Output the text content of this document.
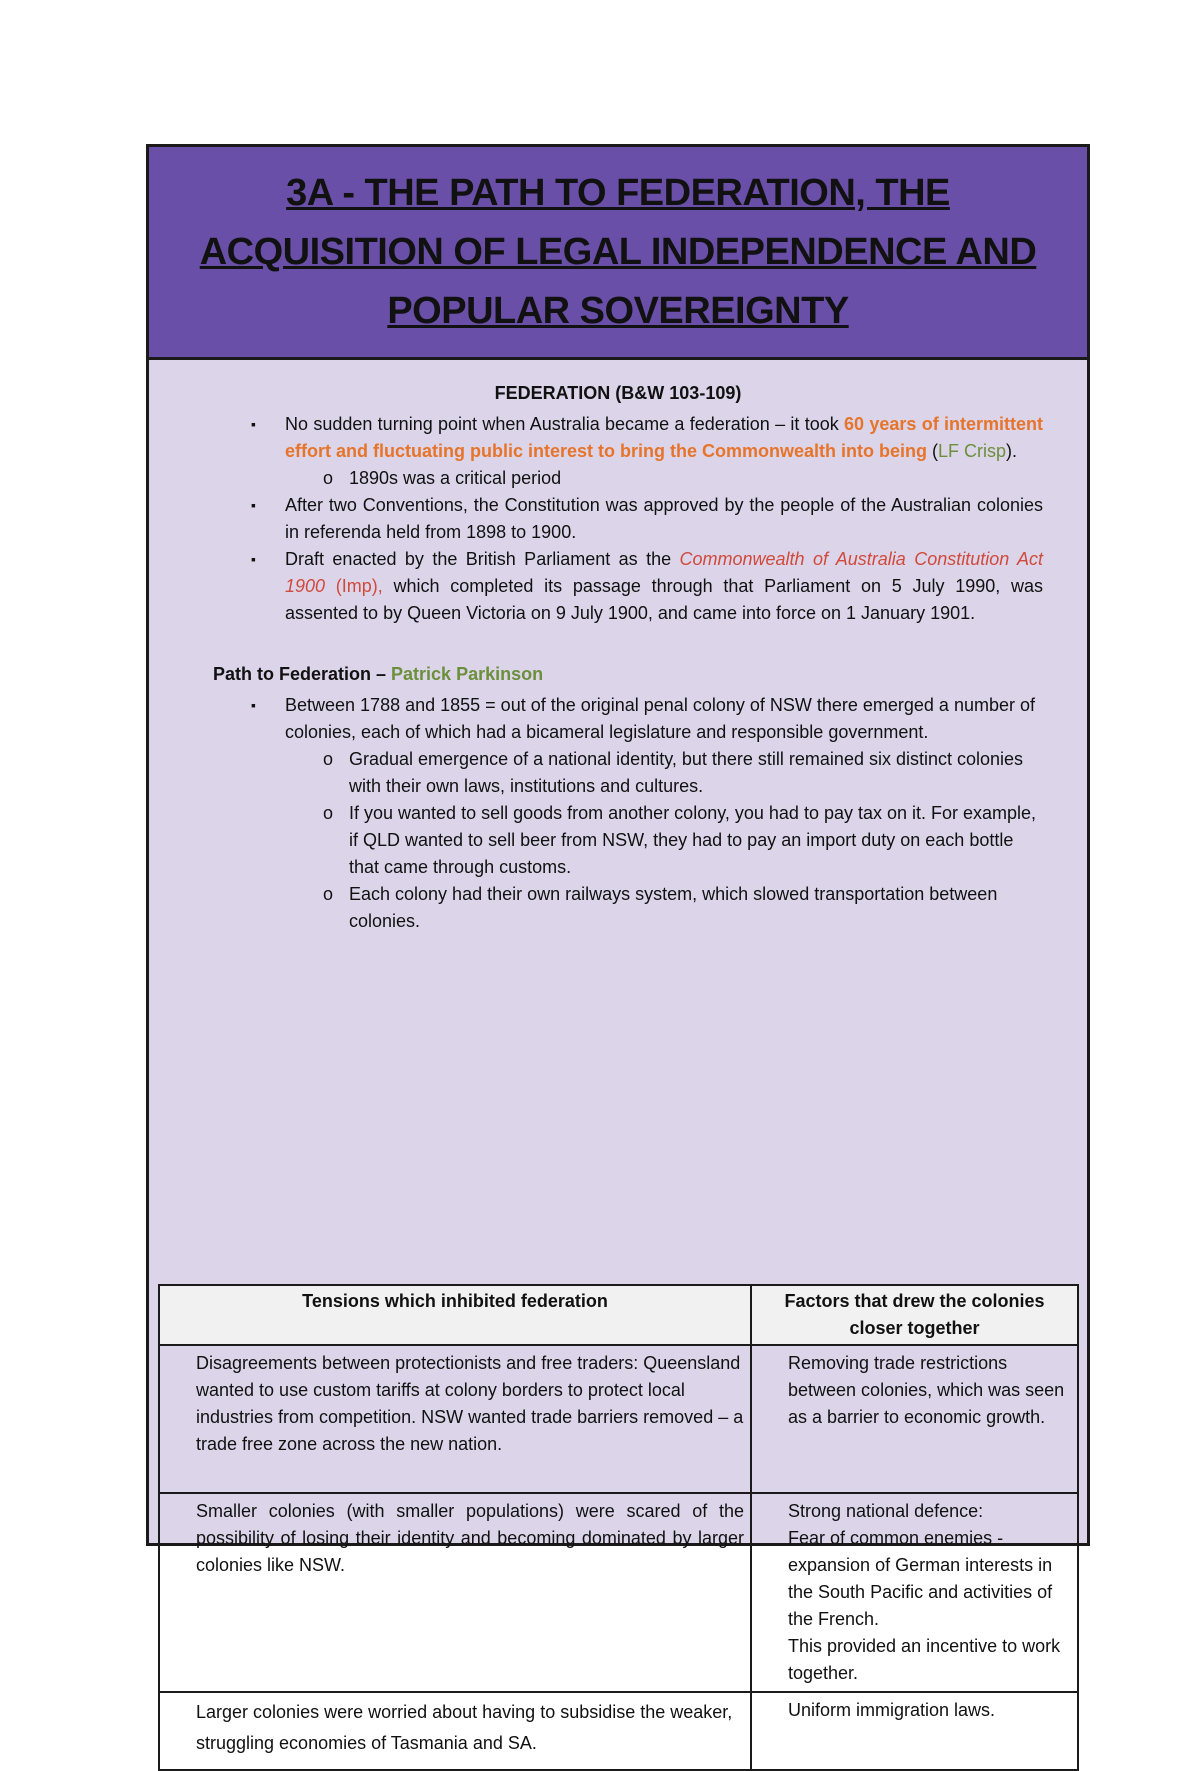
3A - THE PATH TO FEDERATION, THE ACQUISITION OF LEGAL INDEPENDENCE AND POPULAR SOVEREIGNTY
FEDERATION (B&W 103-109)
▪ No sudden turning point when Australia became a federation – it took 60 years of intermittent effort and fluctuating public interest to bring the Commonwealth into being (LF Crisp).
o 1890s was a critical period
▪ After two Conventions, the Constitution was approved by the people of the Australian colonies in referenda held from 1898 to 1900.
▪ Draft enacted by the British Parliament as the Commonwealth of Australia Constitution Act 1900 (Imp), which completed its passage through that Parliament on 5 July 1990, was assented to by Queen Victoria on 9 July 1900, and came into force on 1 January 1901.
Path to Federation – Patrick Parkinson
▪ Between 1788 and 1855 = out of the original penal colony of NSW there emerged a number of colonies, each of which had a bicameral legislature and responsible government.
o Gradual emergence of a national identity, but there still remained six distinct colonies with their own laws, institutions and cultures.
o If you wanted to sell goods from another colony, you had to pay tax on it. For example, if QLD wanted to sell beer from NSW, they had to pay an import duty on each bottle that came through customs.
o Each colony had their own railways system, which slowed transportation between colonies.
Tensions which inhibited federation	Factors that drew the colonies closer together
Disagreements between protectionists and free traders: Queensland wanted to use custom tariffs at colony borders to protect local industries from competition. NSW wanted trade barriers removed – a trade free zone across the new nation.	Removing trade restrictions between colonies, which was seen as a barrier to economic growth.
Smaller colonies (with smaller populations) were scared of the possibility of losing their identity and becoming dominated by larger colonies like NSW.	Strong national defence:
Fear of common enemies - expansion of German interests in the South Pacific and activities of the French.
This provided an incentive to work together.

Larger colonies were worried about having to subsidise the weaker, struggling economies of Tasmania and SA.	Uniform immigration laws.
